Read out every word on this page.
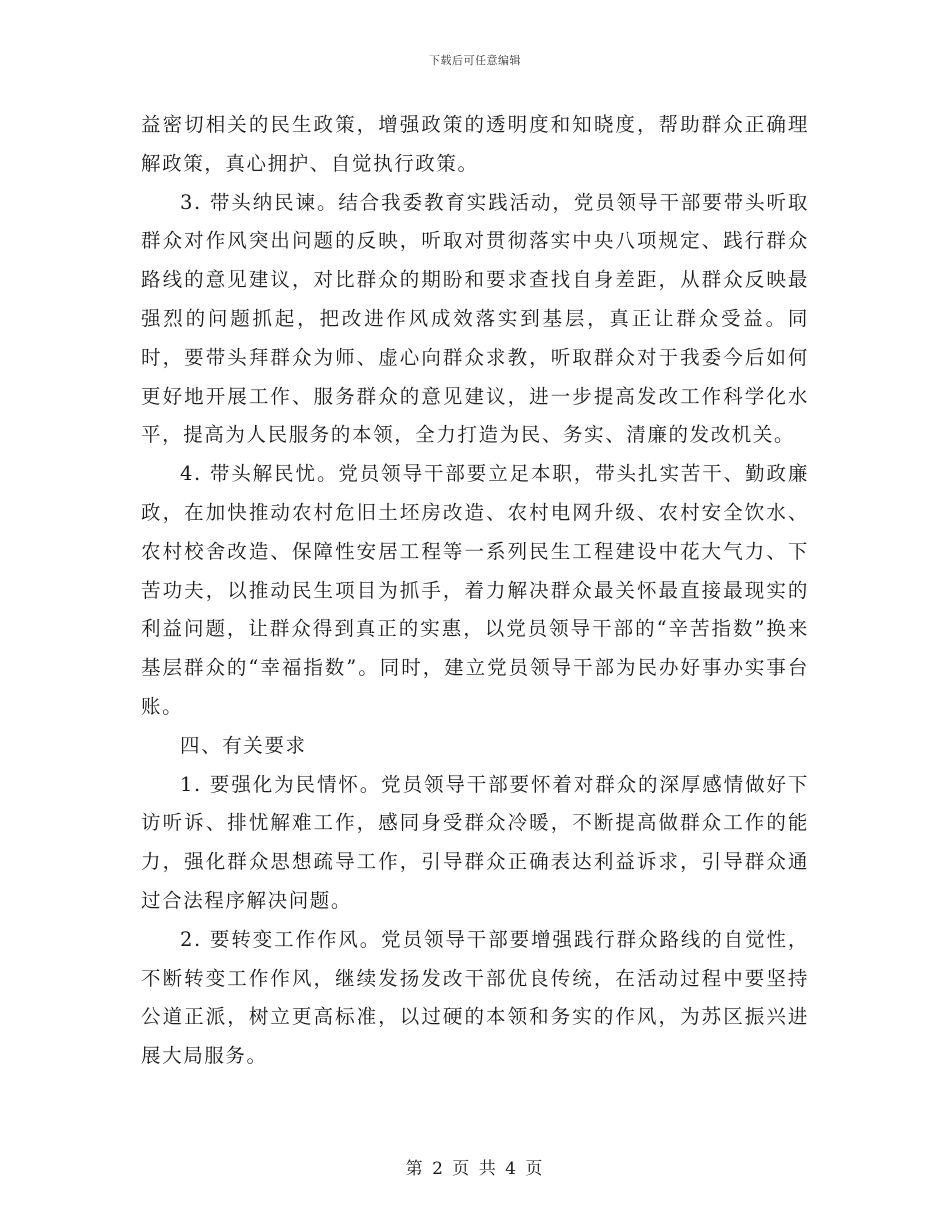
下载后可任意编辑

益密切相关的民生政策，增强政策的透明度和知晓度，帮助群众正确理解政策，真心拥护、自觉执行政策。

3. 带头纳民谏。结合我委教育实践活动，党员领导干部要带头听取群众对作风突出问题的反映，听取对贯彻落实中央八项规定、践行群众路线的意见建议，对比群众的期盼和要求查找自身差距，从群众反映最强烈的问题抓起，把改进作风成效落实到基层，真正让群众受益。同时，要带头拜群众为师、虚心向群众求教，听取群众对于我委今后如何更好地开展工作、服务群众的意见建议，进一步提高发改工作科学化水平，提高为人民服务的本领，全力打造为民、务实、清廉的发改机关。

4. 带头解民忧。党员领导干部要立足本职，带头扎实苦干、勤政廉政，在加快推动农村危旧土坯房改造、农村电网升级、农村安全饮水、农村校舍改造、保障性安居工程等一系列民生工程建设中花大气力、下苦功夫，以推动民生项目为抓手，着力解决群众最关怀最直接最现实的利益问题，让群众得到真正的实惠，以党员领导干部的“辛苦指数”换来基层群众的“幸福指数”。同时，建立党员领导干部为民办好事办实事台账。

四、有关要求

1. 要强化为民情怀。党员领导干部要怀着对群众的深厚感情做好下访听诉、排忧解难工作，感同身受群众冷暖，不断提高做群众工作的能力，强化群众思想疏导工作，引导群众正确表达利益诉求，引导群众通过合法程序解决问题。

2. 要转变工作作风。党员领导干部要增强践行群众路线的自觉性，不断转变工作作风，继续发扬发改干部优良传统，在活动过程中要坚持公道正派，树立更高标准，以过硬的本领和务实的作风，为苏区振兴进展大局服务。

第 2 页 共 4 页
